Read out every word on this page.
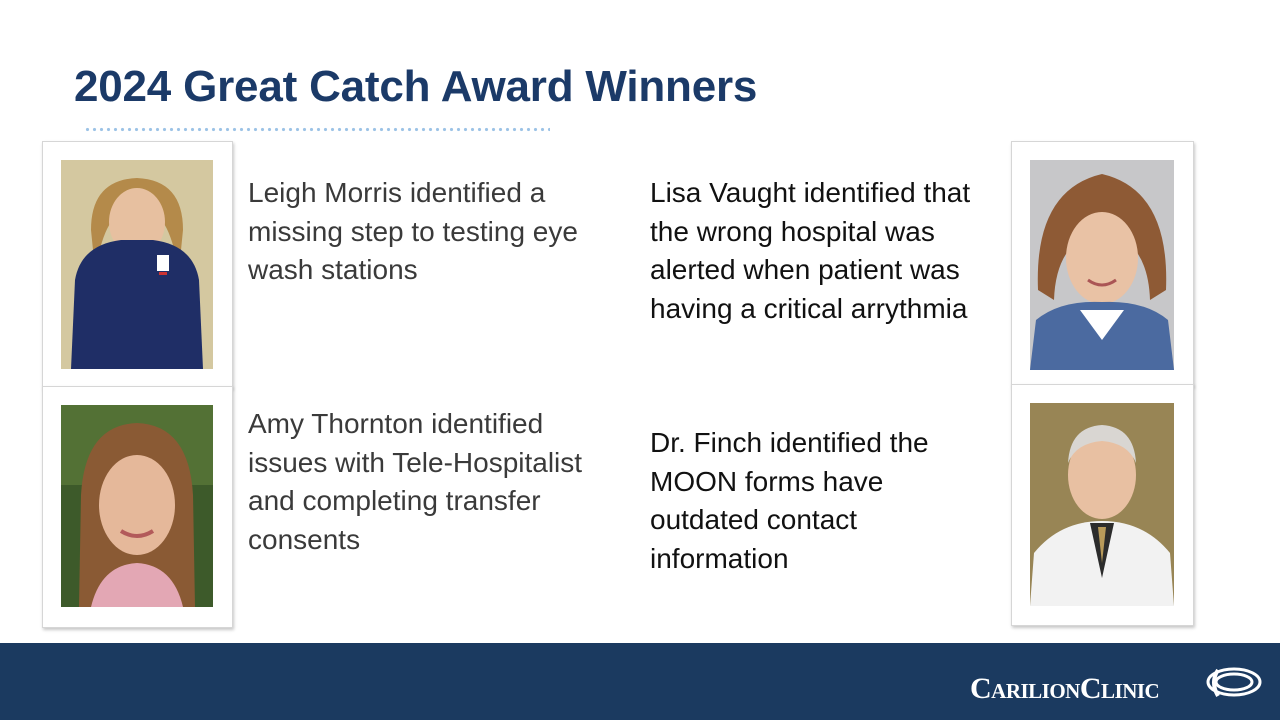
2024 Great Catch Award Winners
Leigh Morris identified a missing step to testing eye wash stations
Amy Thornton identified issues with Tele-Hospitalist and completing transfer consents
Lisa Vaught identified that the wrong hospital was alerted when patient was having a critical arrythmia
Dr. Finch identified the MOON forms have outdated contact information
CarilionClinic
